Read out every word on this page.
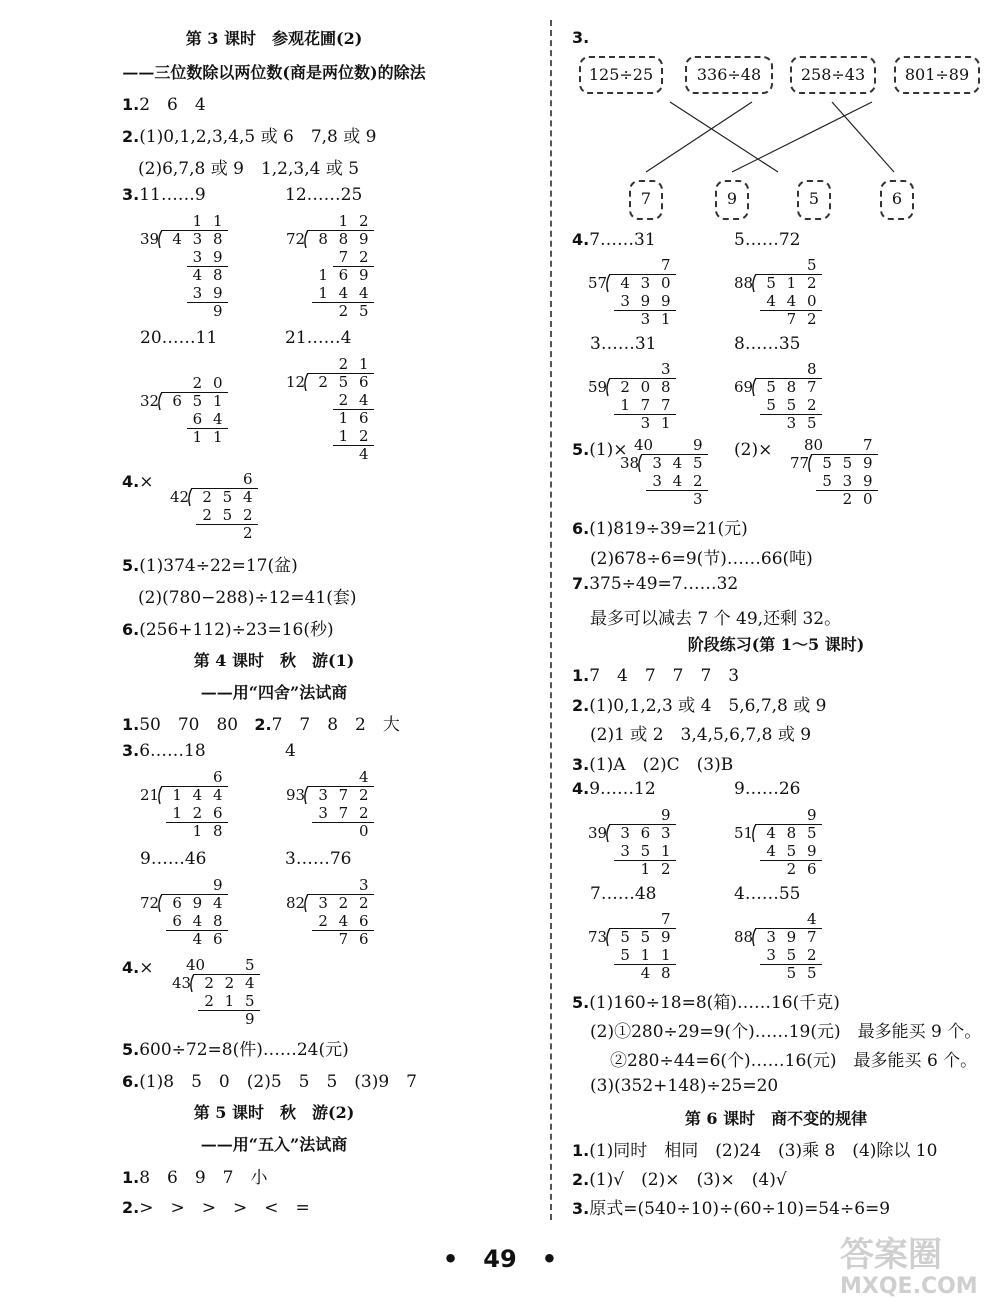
第 3 课时　参观花圃(2)
——三位数除以两位数(商是两位数)的除法
1.2　6　4
2.(1)0,1,2,3,4,5 或 6　7,8 或 9
(2)6,7,8 或 9　1,2,3,4 或 5
3.11……9	12……25
1 1
39 4 3 8
3 9
4 8
3 9
9
1 2
72 8 8 9
7 2
1 6 9
1 4 4
2 5
20……11	21……4
2 0
32 6 5 1
6 4
1 1
2 1
12 2 5 6
2 4
1 6
1 2
4
4.×	6
42 2 5 4
2 5 2
2
5.(1)374÷22=17(盆)
(2)(780−288)÷12=41(套)
6.(256+112)÷23=16(秒)
第 4 课时　秋　游(1)
——用“四舍”法试商
1.50　70　80 2.7　7　8　2　大
3.6……18	4
6
21 1 4 4
1 2 6
1 8
4
93 3 7 2
3 7 2
0
9……46	3……76
9
72 6 9 4
6 4 8
4 6
3
82 3 2 2
2 4 6
7 6
4.× 40	5
43 2 2 4
2 1 5
9
5.600÷72=8(件)……24(元)
6.(1)8　5　0　(2)5　5　5　(3)9　7
第 5 课时　秋　游(2)
——用“五入”法试商
1.8　6　9　7　小
2.>　>　>　>　<　=
3.
125÷25	336÷48	258÷43	801÷89
7	9	5	6
4.7……31	5……72
7
57 4 3 0
3 9 9
3 1
5
88 5 1 2
4 4 0
7 2
3……31	8……35
3
59 2 0 8
1 7 7
3 1
8
69 5 8 7
5 5 2
3 5
5.(1)× 40	9
38 3 4 5
3 4 2
3
(2)× 80	7
77 5 5 9
5 3 9
2 0
6.(1)819÷39=21(元)
(2)678÷6=9(节)……66(吨)
7.375÷49=7……32
最多可以减去 7 个 49,还剩 32。
阶段练习(第 1～5 课时)
1.7　4　7　7　7　3
2.(1)0,1,2,3 或 4　5,6,7,8 或 9
(2)1 或 2　3,4,5,6,7,8 或 9
3.(1)A　(2)C　(3)B
4.9……12	9……26
9
39 3 6 3
3 5 1
1 2
9
51 4 8 5
4 5 9
2 6
7……48	4……55
7
73 5 5 9
5 1 1
4 8
4
88 3 9 7
3 5 2
5 5
5.(1)160÷18=8(箱)……16(千克)
(2)①280÷29=9(个)……19(元)　最多能买 9 个。
②280÷44=6(个)……16(元)　最多能买 6 个。
(3)(352+148)÷25=20
第 6 课时　商不变的规律
1.(1)同时　相同　(2)24　(3)乘 8　(4)除以 10
2.(1)√　(2)×　(3)×　(4)√
3.原式=(540÷10)÷(60÷10)=54÷6=9
• 49 •	答案圈
MXQE.COM
